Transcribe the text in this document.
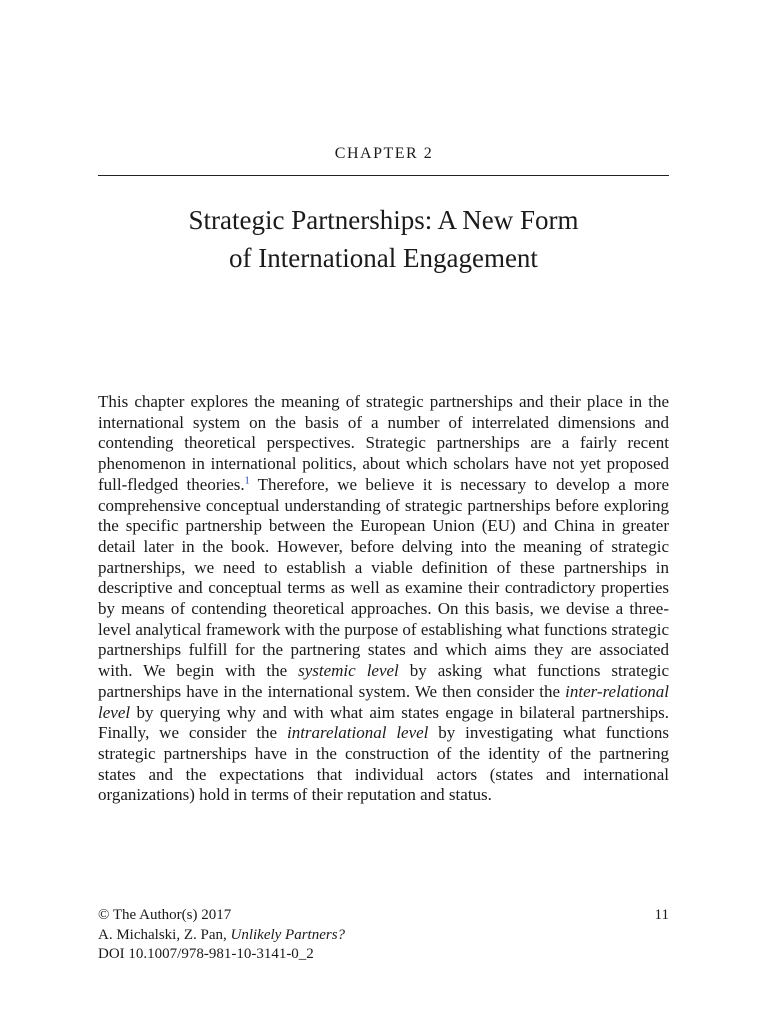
CHAPTER 2
Strategic Partnerships: A New Form
of International Engagement
This chapter explores the meaning of strategic partnerships and their place in the international system on the basis of a number of interrelated dimensions and contending theoretical perspectives. Strategic partnerships are a fairly recent phenomenon in international politics, about which scholars have not yet proposed full-fledged theories.$^1$ Therefore, we believe it is necessary to develop a more comprehensive conceptual understanding of strategic partnerships before exploring the specific partnership between the European Union (EU) and China in greater detail later in the book. However, before delving into the meaning of strategic partnerships, we need to establish a viable definition of these partnerships in descriptive and conceptual terms as well as examine their contradictory properties by means of contending theoretical approaches. On this basis, we devise a three-level analytical framework with the purpose of establishing what functions strategic partnerships fulfill for the partnering states and which aims they are associated with. We begin with the systemic level by asking what functions strategic partnerships have in the international system. We then consider the inter-relational level by querying why and with what aim states engage in bilateral partnerships. Finally, we consider the intrarelational level by investigating what functions strategic partnerships have in the construction of the identity of the partnering states and the expectations that individual actors (states and international organizations) hold in terms of their reputation and status.
© The Author(s) 2017
A. Michalski, Z. Pan, Unlikely Partners?
DOI 10.1007/978-981-10-3141-0_2
11
